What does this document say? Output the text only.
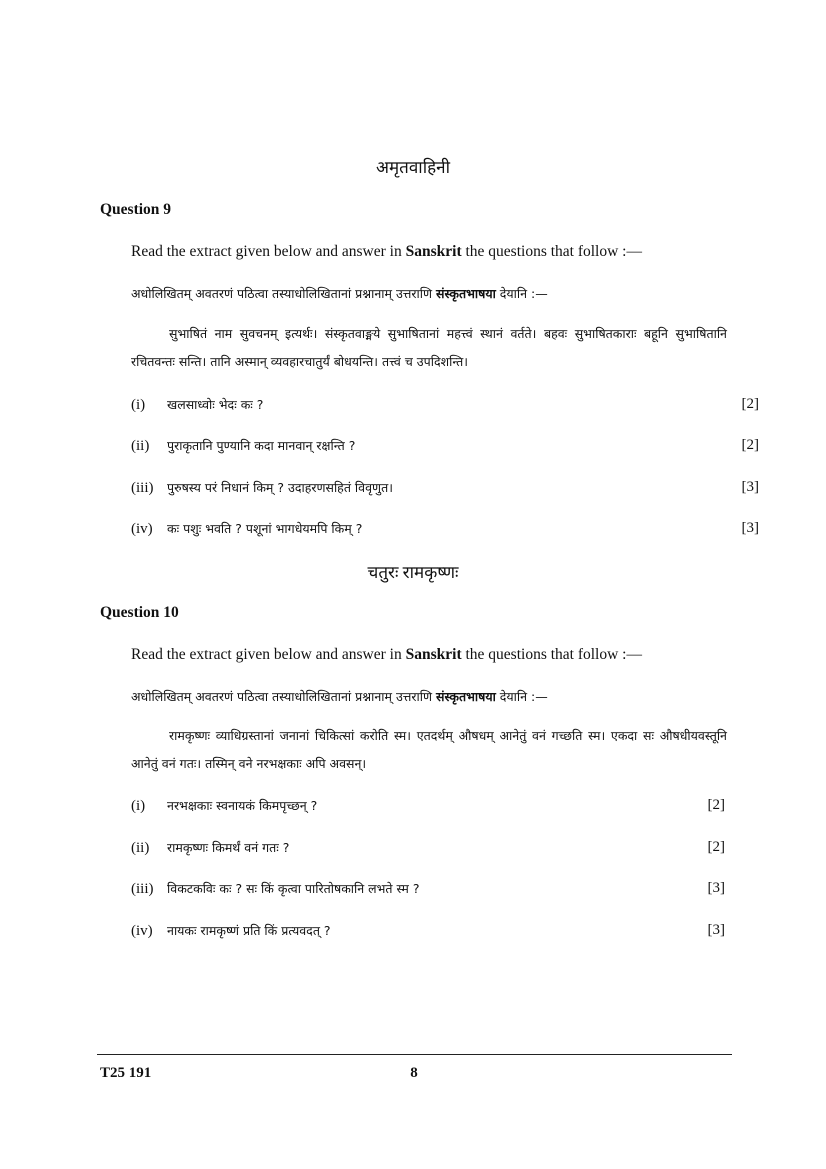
अमृतवाहिनी
Question 9
Read the extract given below and answer in Sanskrit the questions that follow :—
अधोलिखितम् अवतरणं पठित्वा तस्याधोलिखितानां प्रश्नानाम् उत्तराणि संस्कृतभाषया देयानि :—
सुभाषितं नाम सुवचनम् इत्यर्थः। संस्कृतवाङ्मये सुभाषितानां महत्त्वं स्थानं वर्तते। बहवः सुभाषितकाराः बहूनि सुभाषितानि रचितवन्तः सन्ति। तानि अस्मान् व्यवहारचातुर्यं बोधयन्ति। तत्त्वं च उपदिशन्ति।
(i) खलसाध्वोः भेदः कः ?	[2]
(ii) पुराकृतानि पुण्यानि कदा मानवान् रक्षन्ति ?	[2]
(iii) पुरुषस्य परं निधानं किम् ? उदाहरणसहितं विवृणुत।	[3]
(iv) कः पशुः भवति ? पशूनां भागधेयमपि किम् ?	[3]
चतुरः रामकृष्णः
Question 10
Read the extract given below and answer in Sanskrit the questions that follow :—
अधोलिखितम् अवतरणं पठित्वा तस्याधोलिखितानां प्रश्नानाम् उत्तराणि संस्कृतभाषया देयानि :—
रामकृष्णः व्याधिग्रस्तानां जनानां चिकित्सां करोति स्म। एतदर्थम् औषधम् आनेतुं वनं गच्छति स्म। एकदा सः औषधीयवस्तूनि आनेतुं वनं गतः। तस्मिन् वने नरभक्षकाः अपि अवसन्।
(i) नरभक्षकाः स्वनायकं किमपृच्छन् ?	[2]
(ii) रामकृष्णः किमर्थं वनं गतः ?	[2]
(iii) विकटकविः कः ? सः किं कृत्वा पारितोषकानि लभते स्म ?	[3]
(iv) नायकः रामकृष्णं प्रति किं प्रत्यवदत् ?	[3]
T25 191	8
